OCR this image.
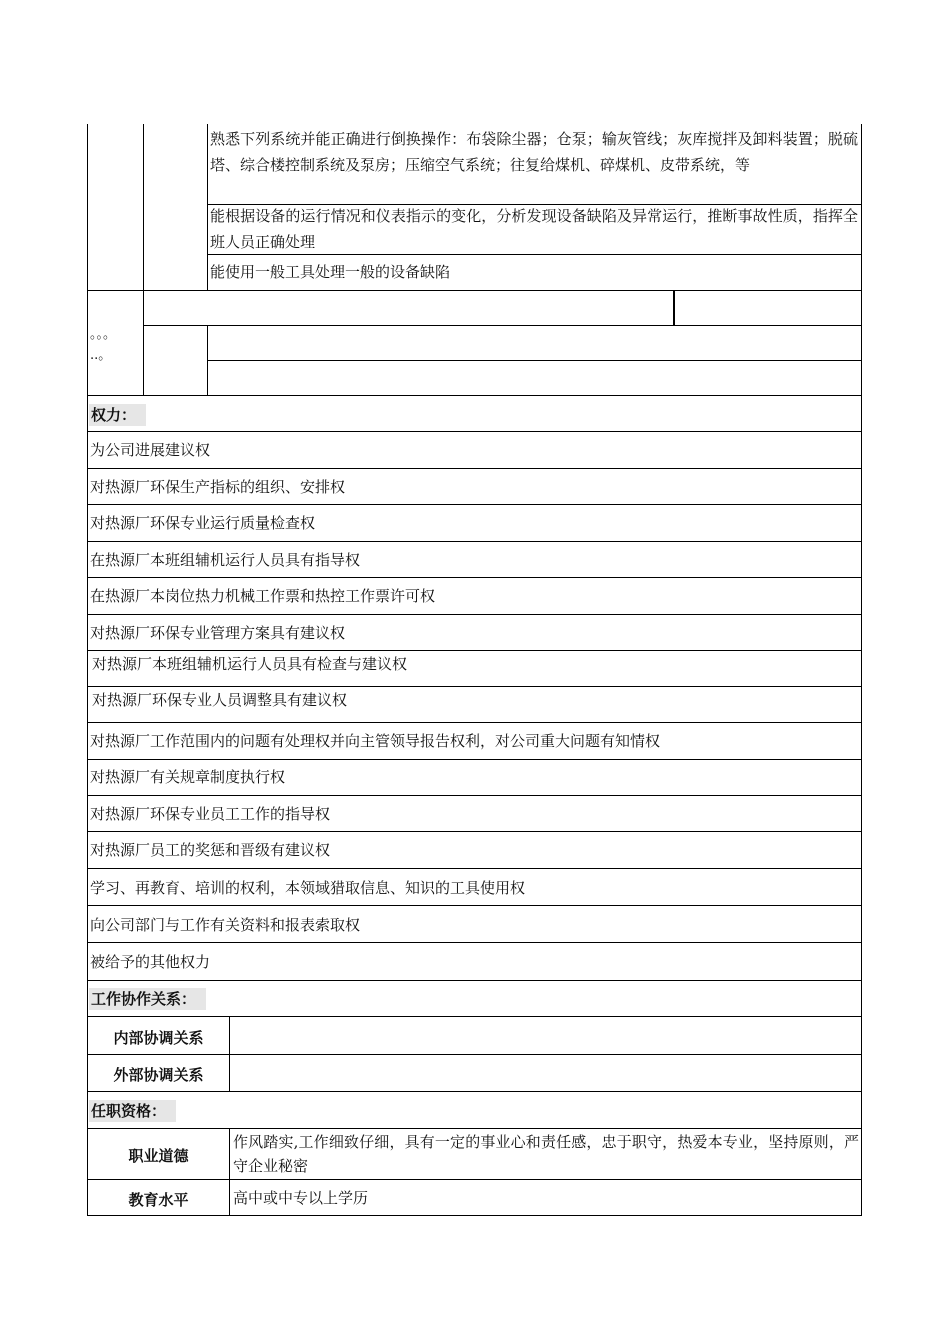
熟悉下列系统并能正确进行倒换操作：布袋除尘器；仓泵；输灰管线；灰库搅拌及卸料装置；脱硫塔、综合楼控制系统及泵房；压缩空气系统；往复给煤机、碎煤机、皮带系统，等
能根据设备的运行情况和仪表指示的变化，分析发现设备缺陷及异常运行，推断事故性质，指挥全班人员正确处理
能使用一般工具处理一般的设备缺陷
。。。
..。
权力：
为公司进展建议权
对热源厂环保生产指标的组织、安排权
对热源厂环保专业运行质量检查权
在热源厂本班组辅机运行人员具有指导权
在热源厂本岗位热力机械工作票和热控工作票许可权
对热源厂环保专业管理方案具有建议权
对热源厂本班组辅机运行人员具有检查与建议权
对热源厂环保专业人员调整具有建议权
对热源厂工作范围内的问题有处理权并向主管领导报告权利，对公司重大问题有知情权
对热源厂有关规章制度执行权
对热源厂环保专业员工工作的指导权
对热源厂员工的奖惩和晋级有建议权
学习、再教育、培训的权利，本领域猎取信息、知识的工具使用权
向公司部门与工作有关资料和报表索取权
被给予的其他权力
工作协作关系：
内部协调关系
外部协调关系
任职资格：
职业道德
作风踏实,工作细致仔细，具有一定的事业心和责任感，忠于职守，热爱本专业，坚持原则，严守企业秘密
教育水平	高中或中专以上学历
